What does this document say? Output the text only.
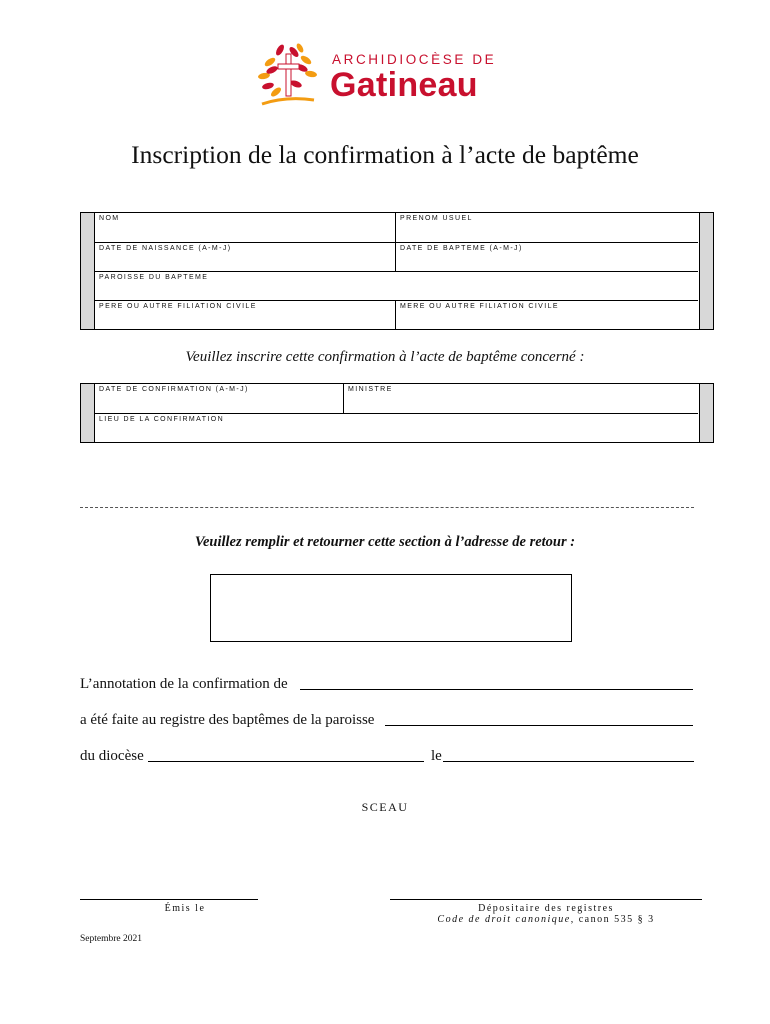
ARCHIDIOCÈSE DE
Gatineau
Inscription de la confirmation à l’acte de baptême
NOM	PRENOM USUEL
DATE DE NAISSANCE (A-M-J)	DATE DE BAPTEME (A-M-J)
PAROISSE DU BAPTEME
PERE OU AUTRE FILIATION CIVILE	MERE OU AUTRE FILIATION CIVILE
Veuillez inscrire cette confirmation à l’acte de baptême concerné :
DATE DE CONFIRMATION (A-M-J)	MINISTRE
LIEU DE LA CONFIRMATION
Veuillez remplir et retourner cette section à l’adresse de retour :
L’annotation de la confirmation de
a été faite au registre des baptêmes de la paroisse
du diocèse	le
SCEAU
Émis le	Dépositaire des registres
Code de droit canonique, canon 535 § 3
Septembre 2021
